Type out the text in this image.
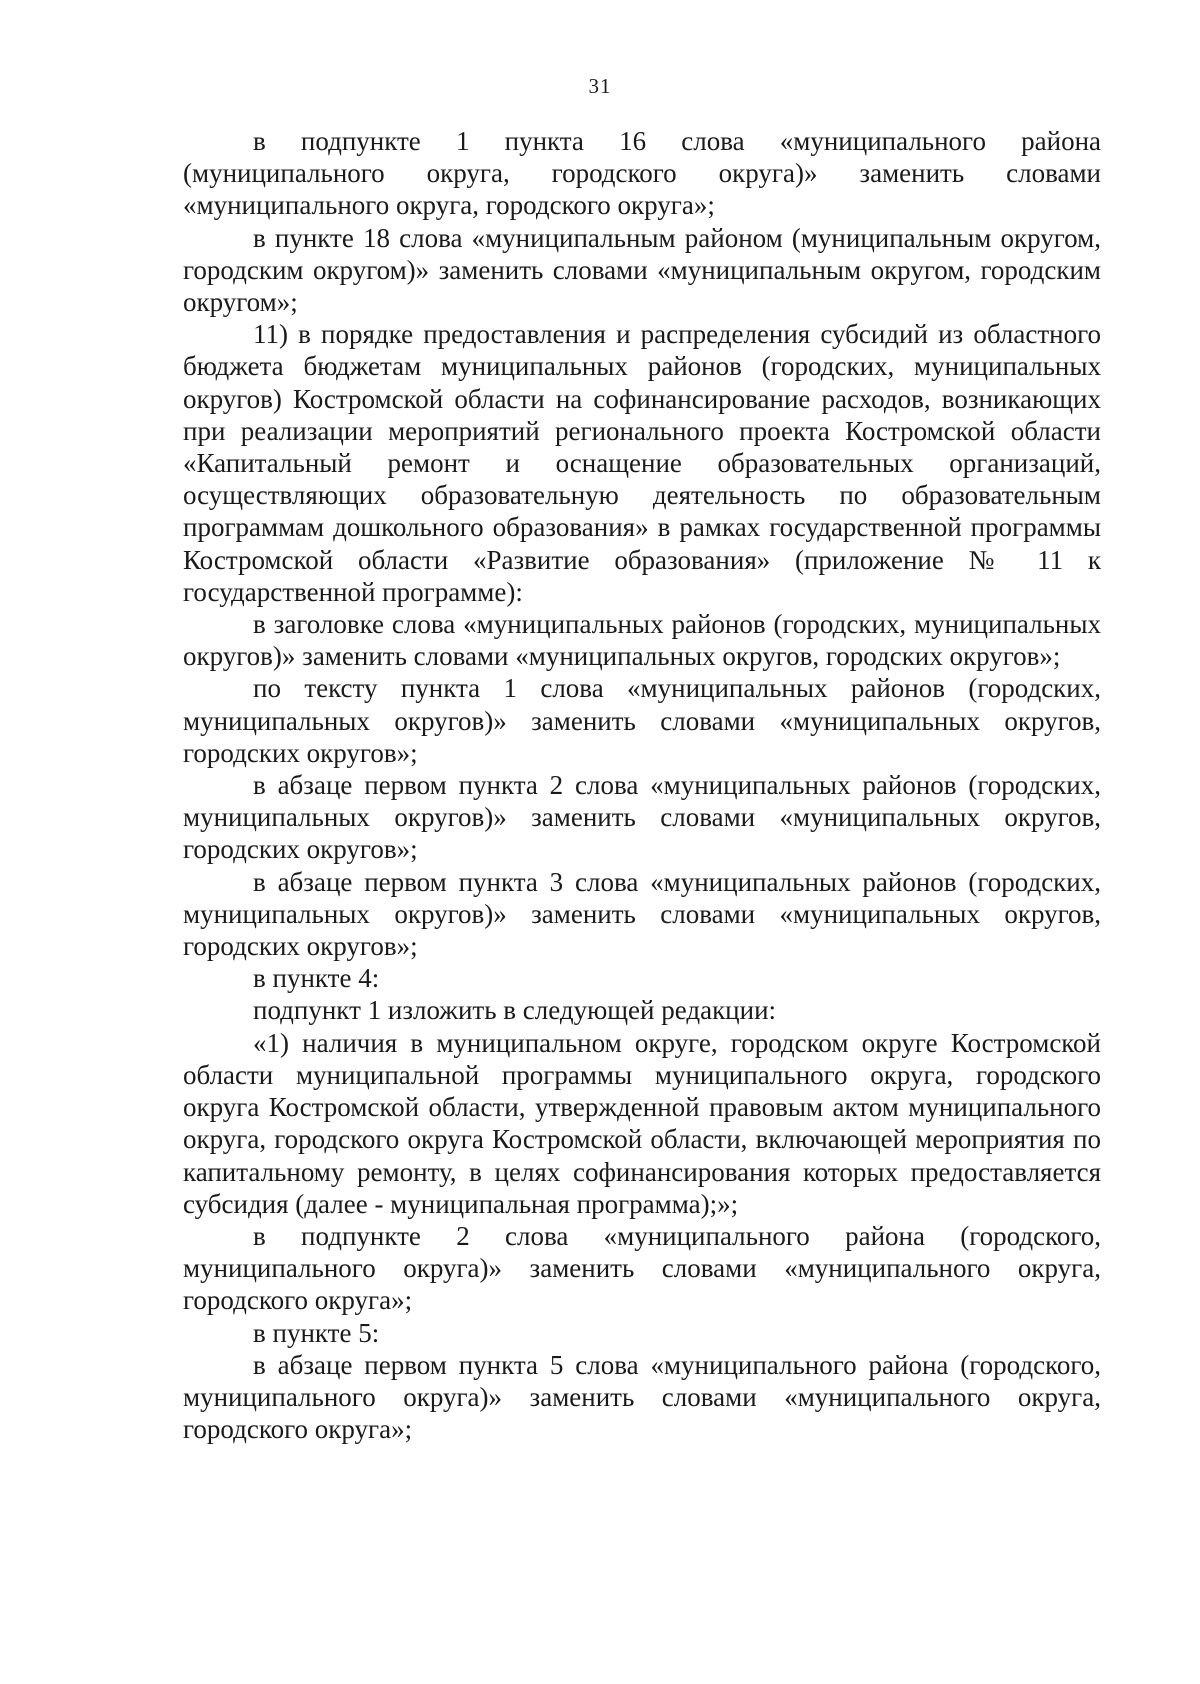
31

в подпункте 1 пункта 16 слова «муниципального района (муниципального округа, городского округа)» заменить словами «муниципального округа, городского округа»;

в пункте 18 слова «муниципальным районом (муниципальным округом, городским округом)» заменить словами «муниципальным округом, городским округом»;

11) в порядке предоставления и распределения субсидий из областного бюджета бюджетам муниципальных районов (городских, муниципальных округов) Костромской области на софинансирование расходов, возникающих при реализации мероприятий регионального проекта Костромской области «Капитальный ремонт и оснащение образовательных организаций, осуществляющих образовательную деятельность по образовательным программам дошкольного образования» в рамках государственной программы Костромской области «Развитие образования» (приложение № 11 к государственной программе):

в заголовке слова «муниципальных районов (городских, муниципальных округов)» заменить словами «муниципальных округов, городских округов»;

по тексту пункта 1 слова «муниципальных районов (городских, муниципальных округов)» заменить словами «муниципальных округов, городских округов»;

в абзаце первом пункта 2 слова «муниципальных районов (городских, муниципальных округов)» заменить словами «муниципальных округов, городских округов»;

в абзаце первом пункта 3 слова «муниципальных районов (городских, муниципальных округов)» заменить словами «муниципальных округов, городских округов»;

в пункте 4:

подпункт 1 изложить в следующей редакции:

«1) наличия в муниципальном округе, городском округе Костромской области муниципальной программы муниципального округа, городского округа Костромской области, утвержденной правовым актом муниципального округа, городского округа Костромской области, включающей мероприятия по капитальному ремонту, в целях софинансирования которых предоставляется субсидия (далее - муниципальная программа);»;

в подпункте 2 слова «муниципального района (городского, муниципального округа)» заменить словами «муниципального округа, городского округа»;

в пункте 5:

в абзаце первом пункта 5 слова «муниципального района (городского, муниципального округа)» заменить словами «муниципального округа, городского округа»;
